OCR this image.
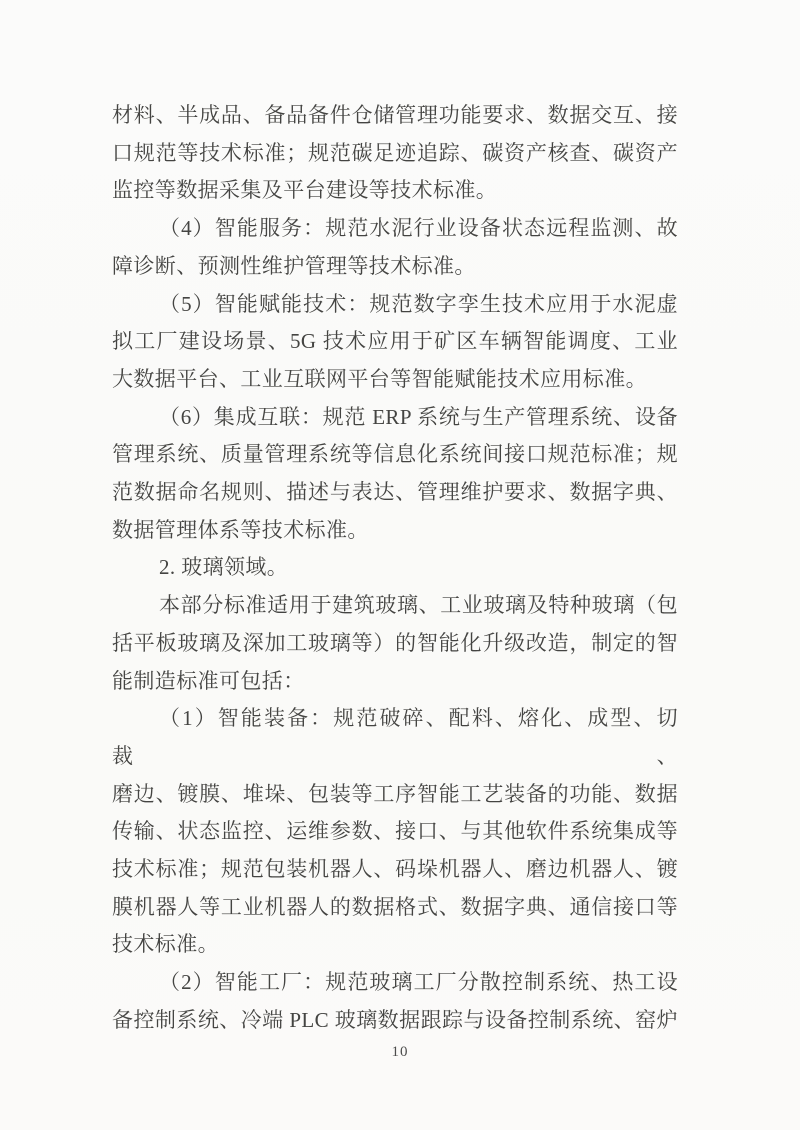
材料、半成品、备品备件仓储管理功能要求、数据交互、接
口规范等技术标准；规范碳足迹追踪、碳资产核查、碳资产
监控等数据采集及平台建设等技术标准。
（4）智能服务：规范水泥行业设备状态远程监测、故
障诊断、预测性维护管理等技术标准。
（5）智能赋能技术：规范数字孪生技术应用于水泥虚
拟工厂建设场景、5G 技术应用于矿区车辆智能调度、工业
大数据平台、工业互联网平台等智能赋能技术应用标准。
（6）集成互联：规范 ERP 系统与生产管理系统、设备
管理系统、质量管理系统等信息化系统间接口规范标准；规
范数据命名规则、描述与表达、管理维护要求、数据字典、
数据管理体系等技术标准。
2. 玻璃领域。
本部分标准适用于建筑玻璃、工业玻璃及特种玻璃（包
括平板玻璃及深加工玻璃等）的智能化升级改造，制定的智
能制造标准可包括：
（1）智能装备：规范破碎、配料、熔化、成型、切裁、
磨边、镀膜、堆垛、包装等工序智能工艺装备的功能、数据
传输、状态监控、运维参数、接口、与其他软件系统集成等
技术标准；规范包装机器人、码垛机器人、磨边机器人、镀
膜机器人等工业机器人的数据格式、数据字典、通信接口等
技术标准。
（2）智能工厂：规范玻璃工厂分散控制系统、热工设
备控制系统、冷端 PLC 玻璃数据跟踪与设备控制系统、窑炉
10
